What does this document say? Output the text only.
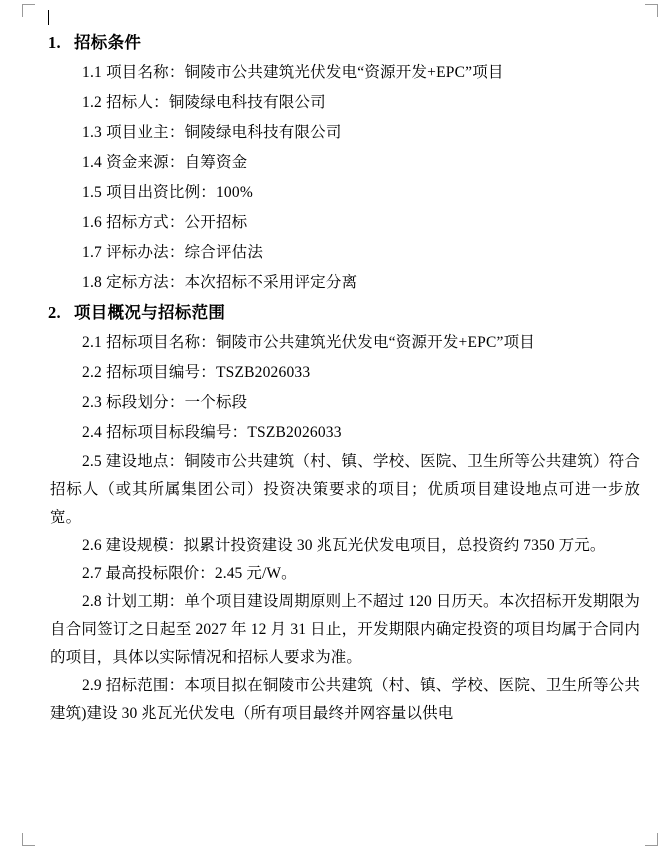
1. 招标条件

1.1 项目名称：铜陵市公共建筑光伏发电“资源开发+EPC”项目

1.2 招标人：铜陵绿电科技有限公司

1.3 项目业主：铜陵绿电科技有限公司

1.4 资金来源：自筹资金

1.5 项目出资比例：100%

1.6 招标方式：公开招标

1.7 评标办法：综合评估法

1.8 定标方法：本次招标不采用评定分离

2. 项目概况与招标范围

2.1 招标项目名称：铜陵市公共建筑光伏发电“资源开发+EPC”项目

2.2 招标项目编号：TSZB2026033

2.3 标段划分：一个标段

2.4 招标项目标段编号：TSZB2026033

2.5 建设地点：铜陵市公共建筑（村、镇、学校、医院、卫生所等公共建筑）符合招标人（或其所属集团公司）投资决策要求的项目；优质项目建设地点可进一步放宽。

2.6 建设规模：拟累计投资建设 30 兆瓦光伏发电项目，总投资约 7350 万元。

2.7 最高投标限价：2.45 元/W。

2.8 计划工期：单个项目建设周期原则上不超过 120 日历天。本次招标开发期限为自合同签订之日起至 2027 年 12 月 31 日止，开发期限内确定投资的项目均属于合同内的项目，具体以实际情况和招标人要求为准。

2.9 招标范围：本项目拟在铜陵市公共建筑（村、镇、学校、医院、卫生所等公共建筑)建设 30 兆瓦光伏发电（所有项目最终并网容量以供电
